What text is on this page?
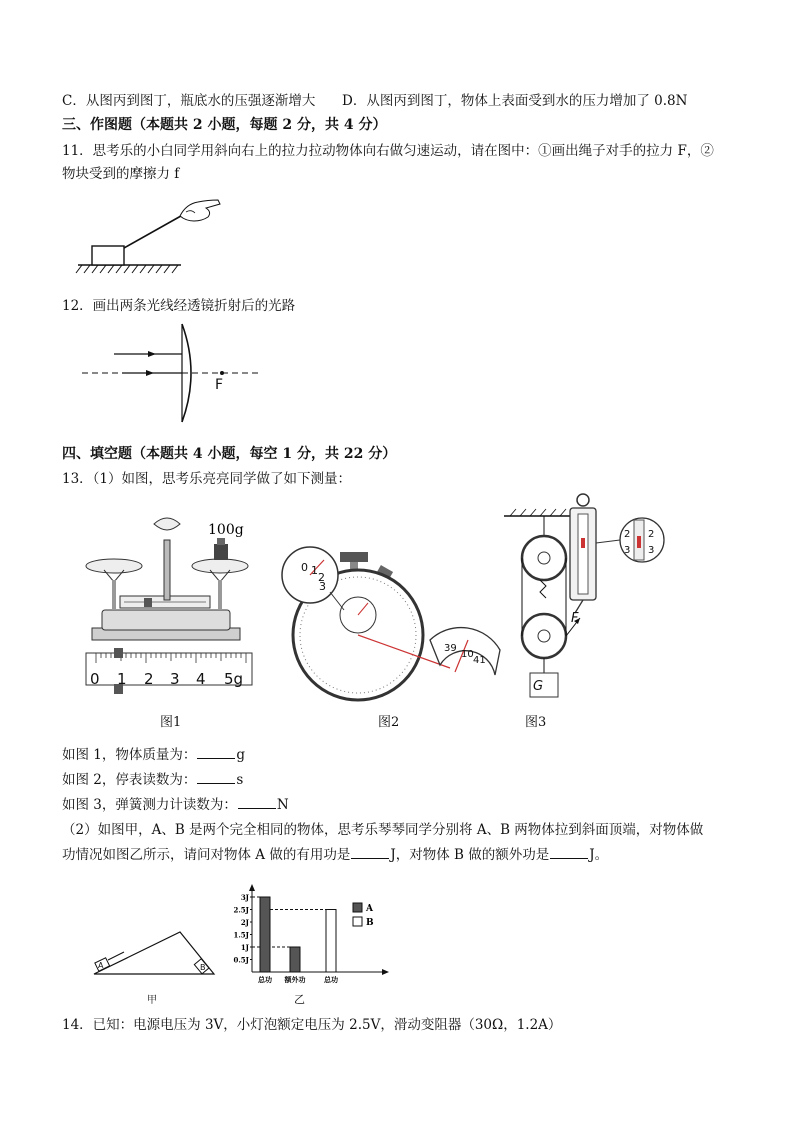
C．从图丙到图丁，瓶底水的压强逐渐增大 D．从图丙到图丁，物体上表面受到水的压力增加了 0.8N
三、作图题（本题共 2 小题，每题 2 分，共 4 分）
11．思考乐的小白同学用斜向右上的拉力拉动物体向右做匀速运动，请在图中：①画出绳子对手的拉力 F，②
物块受到的摩擦力 f
12．画出两条光线经透镜折射后的光路
F
四、填空题（本题共 4 小题，每空 1 分，共 22 分）
13．（1）如图，思考乐亮亮同学做了如下测量：
100g
0 1 2 3 4 5g
0 1
2
3
39
10
41
G
F
2
3
2
3
图1	图2	图3
如图 1，物体质量为：	g
如图 2，停表读数为：	s
如图 3，弹簧测力计读数为：	N
（2）如图甲，A、B 是两个完全相同的物体，思考乐琴琴同学分别将 A、B 两物体拉到斜面顶端，对物体做
功情况如图乙所示，请问对物体 A 做的有用功是	J，对物体 B 做的额外功是	J。
A	B
甲
3J
2.5J
2J
1.5J
1J
0.5J
总功 额外功	总功
A
B
乙
14．已知：电源电压为 3V，小灯泡额定电压为 2.5V，滑动变阻器（30Ω，1.2A）
